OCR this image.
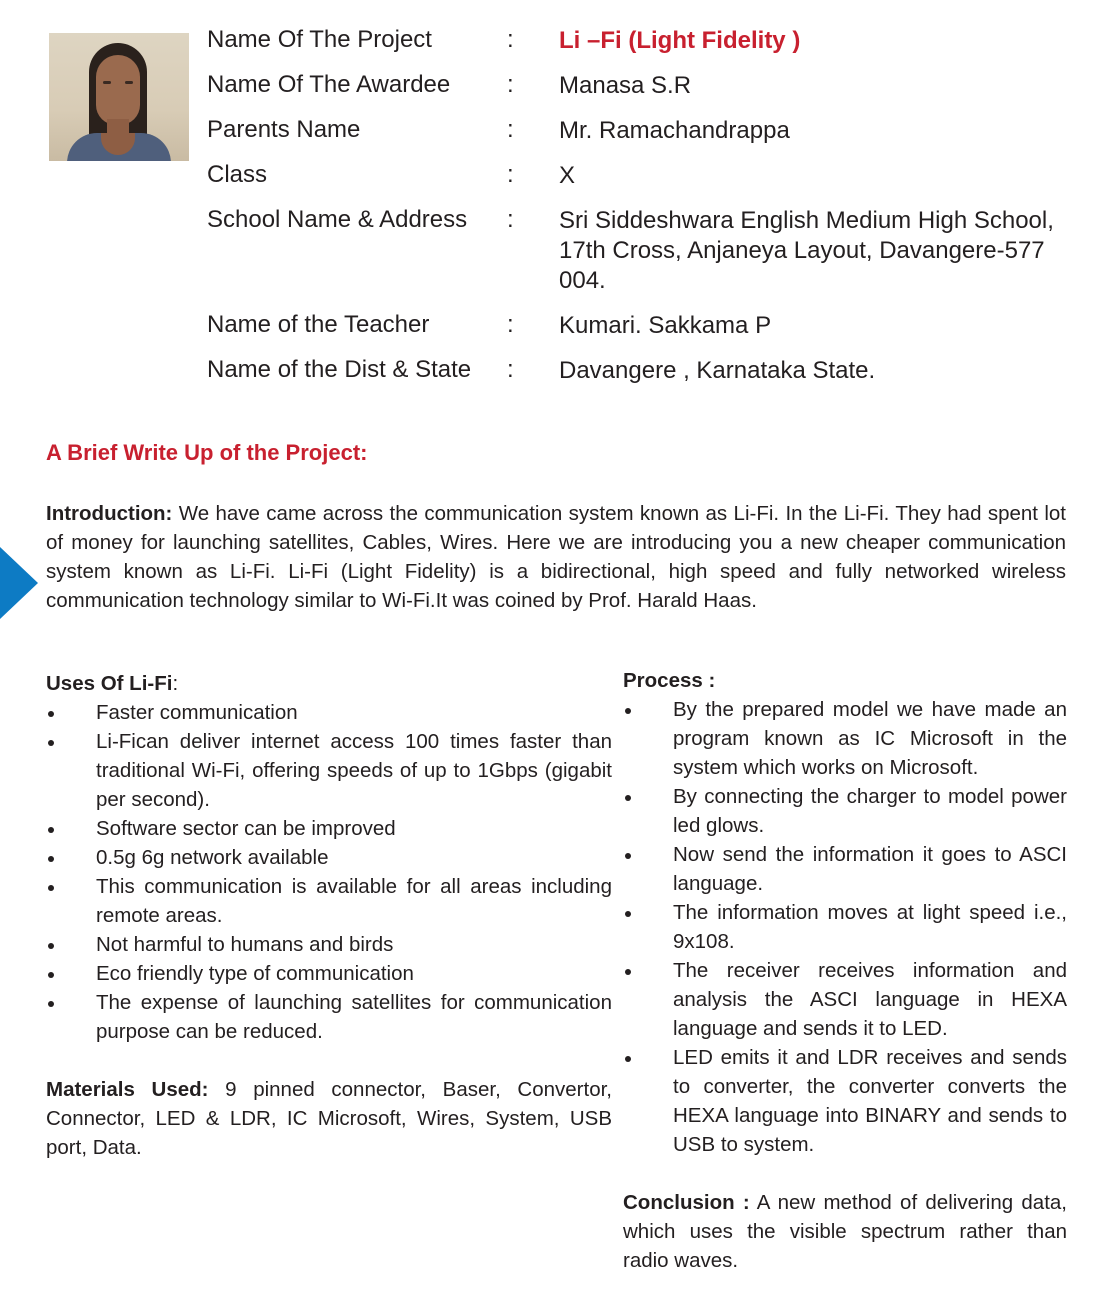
Name Of The Project	:	Li –Fi (Light Fidelity )
Name Of The Awardee	:	Manasa S.R
Parents Name	:	Mr. Ramachandrappa
Class	:	X
School Name & Address	:	Sri Siddeshwara English Medium High School, 17th Cross, Anjaneya Layout, Davangere-577 004.
Name of the Teacher	:	Kumari. Sakkama P
Name of the Dist & State	:	Davangere , Karnataka State.
A Brief Write Up of the Project:
Introduction: We have came across the communication system known as Li-Fi. In the Li-Fi. They had spent lot of money for launching satellites, Cables, Wires. Here we are introducing you a new cheaper communication system known as Li-Fi. Li-Fi (Light Fidelity) is a bidirectional, high speed and fully networked wireless communication technology similar to Wi-Fi.It was coined by Prof. Harald Haas.
Uses Of Li-Fi:
Faster communication
Li-Fican deliver internet access 100 times faster than traditional Wi-Fi, offering speeds of up to 1Gbps (gigabit per second).
Software sector can be improved
0.5g 6g network available
This communication is available for all areas including remote areas.
Not harmful to humans and birds
Eco friendly type of communication
The expense of launching satellites for communication purpose can be reduced.
Materials Used: 9 pinned connector, Baser, Convertor, Connector, LED & LDR, IC Microsoft, Wires, System, USB port, Data.
Process :
By the prepared model we have made an program known as IC Microsoft in the system which works on Microsoft.
By connecting the charger to model power led glows.
Now send the information it goes to ASCI language.
The information moves at light speed i.e., 9x108.
The receiver receives information and analysis the ASCI language in HEXA language and sends it to LED.
LED emits it and LDR receives and sends to converter, the converter converts the HEXA language into BINARY and sends to USB to system.
Conclusion : A new method of delivering data, which uses the visible spectrum rather than radio waves.
